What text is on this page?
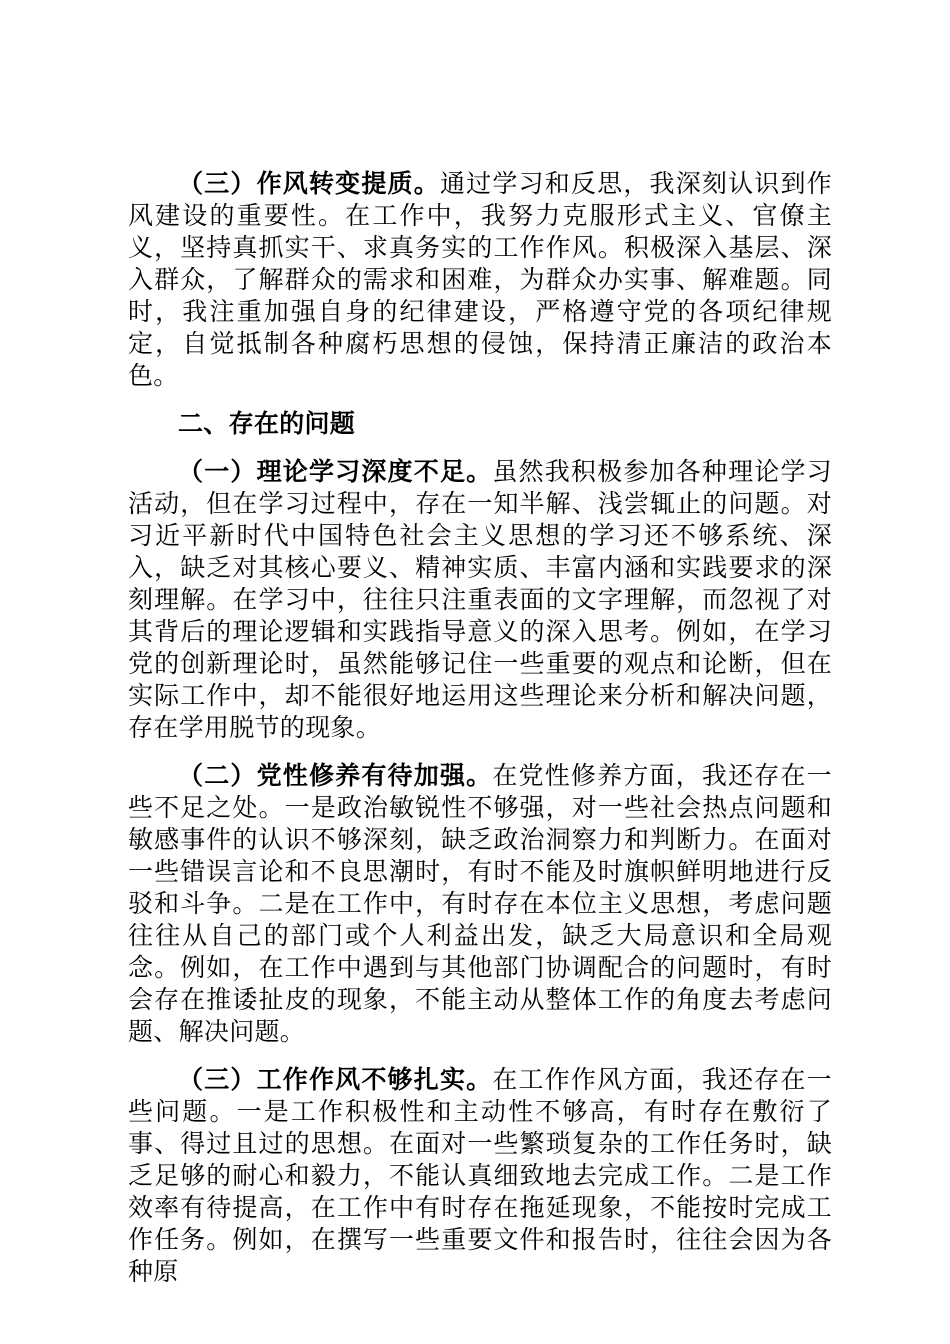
（三）作风转变提质。通过学习和反思，我深刻认识到作风建设的重要性。在工作中，我努力克服形式主义、官僚主义，坚持真抓实干、求真务实的工作作风。积极深入基层、深入群众，了解群众的需求和困难，为群众办实事、解难题。同时，我注重加强自身的纪律建设，严格遵守党的各项纪律规定，自觉抵制各种腐朽思想的侵蚀，保持清正廉洁的政治本色。

二、存在的问题

（一）理论学习深度不足。虽然我积极参加各种理论学习活动，但在学习过程中，存在一知半解、浅尝辄止的问题。对习近平新时代中国特色社会主义思想的学习还不够系统、深入，缺乏对其核心要义、精神实质、丰富内涵和实践要求的深刻理解。在学习中，往往只注重表面的文字理解，而忽视了对其背后的理论逻辑和实践指导意义的深入思考。例如，在学习党的创新理论时，虽然能够记住一些重要的观点和论断，但在实际工作中，却不能很好地运用这些理论来分析和解决问题，存在学用脱节的现象。

（二）党性修养有待加强。在党性修养方面，我还存在一些不足之处。一是政治敏锐性不够强，对一些社会热点问题和敏感事件的认识不够深刻，缺乏政治洞察力和判断力。在面对一些错误言论和不良思潮时，有时不能及时旗帜鲜明地进行反驳和斗争。二是在工作中，有时存在本位主义思想，考虑问题往往从自己的部门或个人利益出发，缺乏大局意识和全局观念。例如，在工作中遇到与其他部门协调配合的问题时，有时会存在推诿扯皮的现象，不能主动从整体工作的角度去考虑问题、解决问题。

（三）工作作风不够扎实。在工作作风方面，我还存在一些问题。一是工作积极性和主动性不够高，有时存在敷衍了事、得过且过的思想。在面对一些繁琐复杂的工作任务时，缺乏足够的耐心和毅力，不能认真细致地去完成工作。二是工作效率有待提高，在工作中有时存在拖延现象，不能按时完成工作任务。例如，在撰写一些重要文件和报告时，往往会因为各种原
